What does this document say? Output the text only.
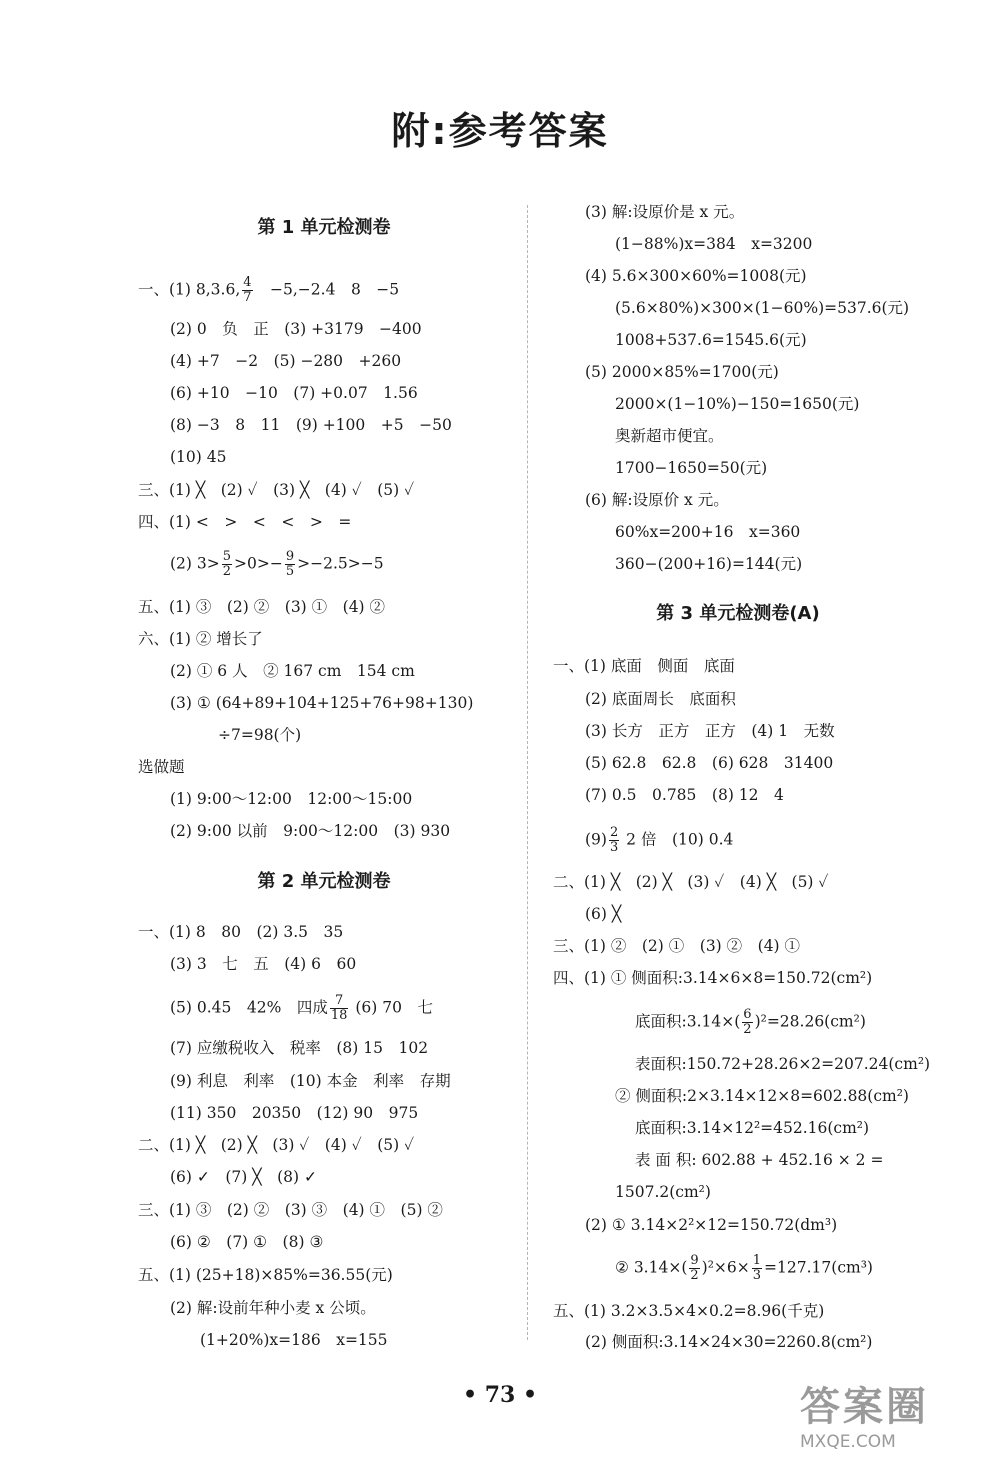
附:参考答案
第 1 单元检测卷
一、(1) 8,3.6, $\frac{4}{7}$ 　−5,−2.4　8　−5
(2) 0　负　正　(3) +3179　−400
(4) +7　−2　(5) −280　+260
(6) +10　−10　(7) +0.07　1.56
(8) −3　8　11　(9) +100　+5　−50
(10) 45
三、(1) ╳　(2) ✓　(3) ╳　(4) ✓　(5) ✓
四、(1) <　>　<　<　>　=
(2) $3> \frac{5}{2} >0>- \frac{9}{5} >-2.5>-5$
五、(1) ③　(2) ②　(3) ①　(4) ②
六、(1) ② 增长了
(2) ① 6 人　② 167 cm　154 cm
(3) ① (64+89+104+125+76+98+130)
÷7=98(个)
选做题
(1) 9:00～12:00　12:00～15:00
(2) 9:00 以前　9:00～12:00　(3) 930
第 2 单元检测卷
一、(1) 8　80　(2) 3.5　35
(3) 3　七　五　(4) 6　60
(5) 0.45　42%　四成 $\frac{7}{18} (6)$ 70　七
(7) 应缴税收入　税率　(8) 15　102
(9) 利息　利率　(10) 本金　利率　存期
(11) 350　20350　(12) 90　975
二、(1) ╳　(2) ╳　(3) ✓　(4) ✓　(5) ✓
(6) ✓　(7) ╳　(8) ✓
三、(1) ③　(2) ②　(3) ③　(4) ①　(5) ②
(6) ②　(7) ①　(8) ③
五、(1) (25+18)×85%=36.55(元)
(2) 解:设前年种小麦 x 公顷。
(1+20%)x=186　x=155
(3) 解:设原价是 x 元。
(1−88%)x=384　x=3200
(4) 5.6×300×60%=1008(元)
(5.6×80%)×300×(1−60%)=537.6(元)
1008+537.6=1545.6(元)
(5) 2000×85%=1700(元)
2000×(1−10%)−150=1650(元)
奥新超市便宜。
1700−1650=50(元)
(6) 解:设原价 x 元。
60%x=200+16　x=360
360−(200+16)=144(元)
第 3 单元检测卷(A)
一、(1) 底面　侧面　底面
(2) 底面周长　底面积
(3) 长方　正方　正方　(4) 1　无数
(5) 62.8　62.8　(6) 628　31400
(7) 0.5　0.785　(8) 12　4
$(9) \frac{2}{3} 2$ 倍　(10) 0.4
二、(1) ╳　(2) ╳　(3) ✓　(4) ╳　(5) ✓
(6) ╳
三、(1) ②　(2) ①　(3) ②　(4) ①
四、(1) ① 侧面积:3.14×6×8=150.72(cm²)
底面积:3.14×( $\frac{6}{2} )^2=28.26(cm^2)$
表面积:150.72+28.26×2=207.24(cm²)
② 侧面积:2×3.14×12×8=602.88(cm²)
底面积:3.14×12²=452.16(cm²)
表 面 积: 602.88 + 452.16 × 2 =
1507.2(cm²)
(2) ① 3.14×2²×12=150.72(dm³)
② $3.14\times( \frac{9}{2} )^2\times 6\times \frac{1}{3} =127.17(cm^3)$
五、(1) 3.2×3.5×4×0.2=8.96(千克)
(2) 侧面积:3.14×24×30=2260.8(cm²)
• 73 •	答案圈
MXQE.COM
